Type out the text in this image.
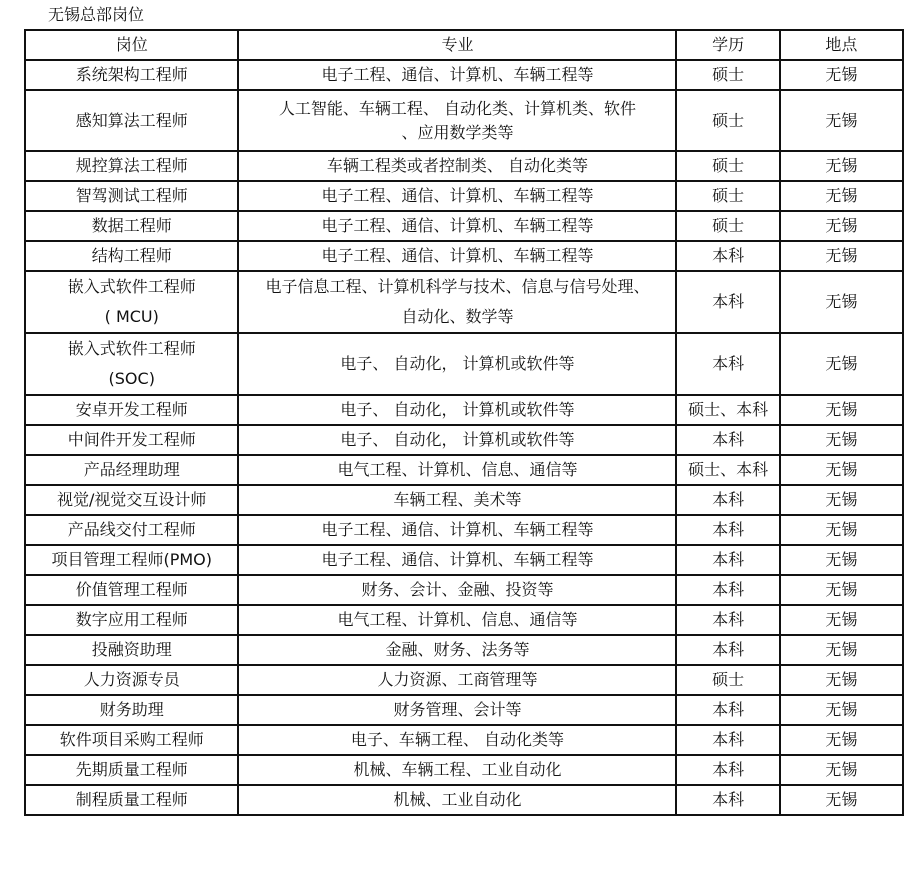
无锡总部岗位
岗位	专业	学历	地点

系统架构工程师	电子工程、通信、计算机、车辆工程等	硕士	无锡

感知算法工程师	人工智能、车辆工程、 自动化类、计算机类、软件
、应用数学类等	硕士	无锡

规控算法工程师	车辆工程类或者控制类、 自动化类等	硕士	无锡

智驾测试工程师	电子工程、通信、计算机、车辆工程等	硕士	无锡

数据工程师	电子工程、通信、计算机、车辆工程等	硕士	无锡

结构工程师	电子工程、通信、计算机、车辆工程等	本科	无锡

嵌入式软件工程师
( MCU)	电子信息工程、计算机科学与技术、信息与信号处理、
自动化、数学等	本科	无锡

嵌入式软件工程师
(SOC)	电子、 自动化， 计算机或软件等	本科	无锡

安卓开发工程师	电子、 自动化， 计算机或软件等	硕士、本科	无锡

中间件开发工程师	电子、 自动化， 计算机或软件等	本科	无锡

产品经理助理	电气工程、计算机、信息、通信等	硕士、本科	无锡

视觉/视觉交互设计师	车辆工程、美术等	本科	无锡

产品线交付工程师	电子工程、通信、计算机、车辆工程等	本科	无锡

项目管理工程师(PMO)	电子工程、通信、计算机、车辆工程等	本科	无锡

价值管理工程师	财务、会计、金融、投资等	本科	无锡

数字应用工程师	电气工程、计算机、信息、通信等	本科	无锡

投融资助理	金融、财务、法务等	本科	无锡

人力资源专员	人力资源、工商管理等	硕士	无锡

财务助理	财务管理、会计等	本科	无锡

软件项目采购工程师	电子、车辆工程、 自动化类等	本科	无锡

先期质量工程师	机械、车辆工程、工业自动化	本科	无锡

制程质量工程师	机械、工业自动化	本科	无锡
